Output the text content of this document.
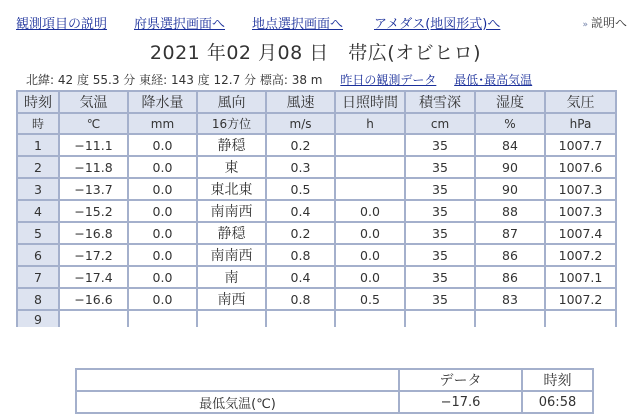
観測項目の説明 府県選択画面へ 地点選択画面へ アメダス(地図形式)へ	» 説明へ
2021 年02 月08 日　帯広(オビヒロ)
北緯: 42 度 55.3 分 東経: 143 度 12.7 分 標高: 38 m 昨日の観測データ 最低･最高気温
時刻	気温	降水量	風向	風速	日照時間	積雪深	湿度	気圧
時	℃	mm	16方位	m/s	h	cm	%	hPa
1	−11.1	0.0	静穏	0.2		35	84	1007.7
2	−11.8	0.0	東	0.3		35	90	1007.6
3	−13.7	0.0	東北東	0.5		35	90	1007.3
4	−15.2	0.0	南南西	0.4	0.0	35	88	1007.3
5	−16.8	0.0	静穏	0.2	0.0	35	87	1007.4
6	−17.2	0.0	南南西	0.8	0.0	35	86	1007.2
7	−17.4	0.0	南	0.4	0.0	35	86	1007.1
8	−16.6	0.0	南西	0.8	0.5	35	83	1007.2
9								
	データ	時刻
最低気温(℃)	−17.6	06:58
